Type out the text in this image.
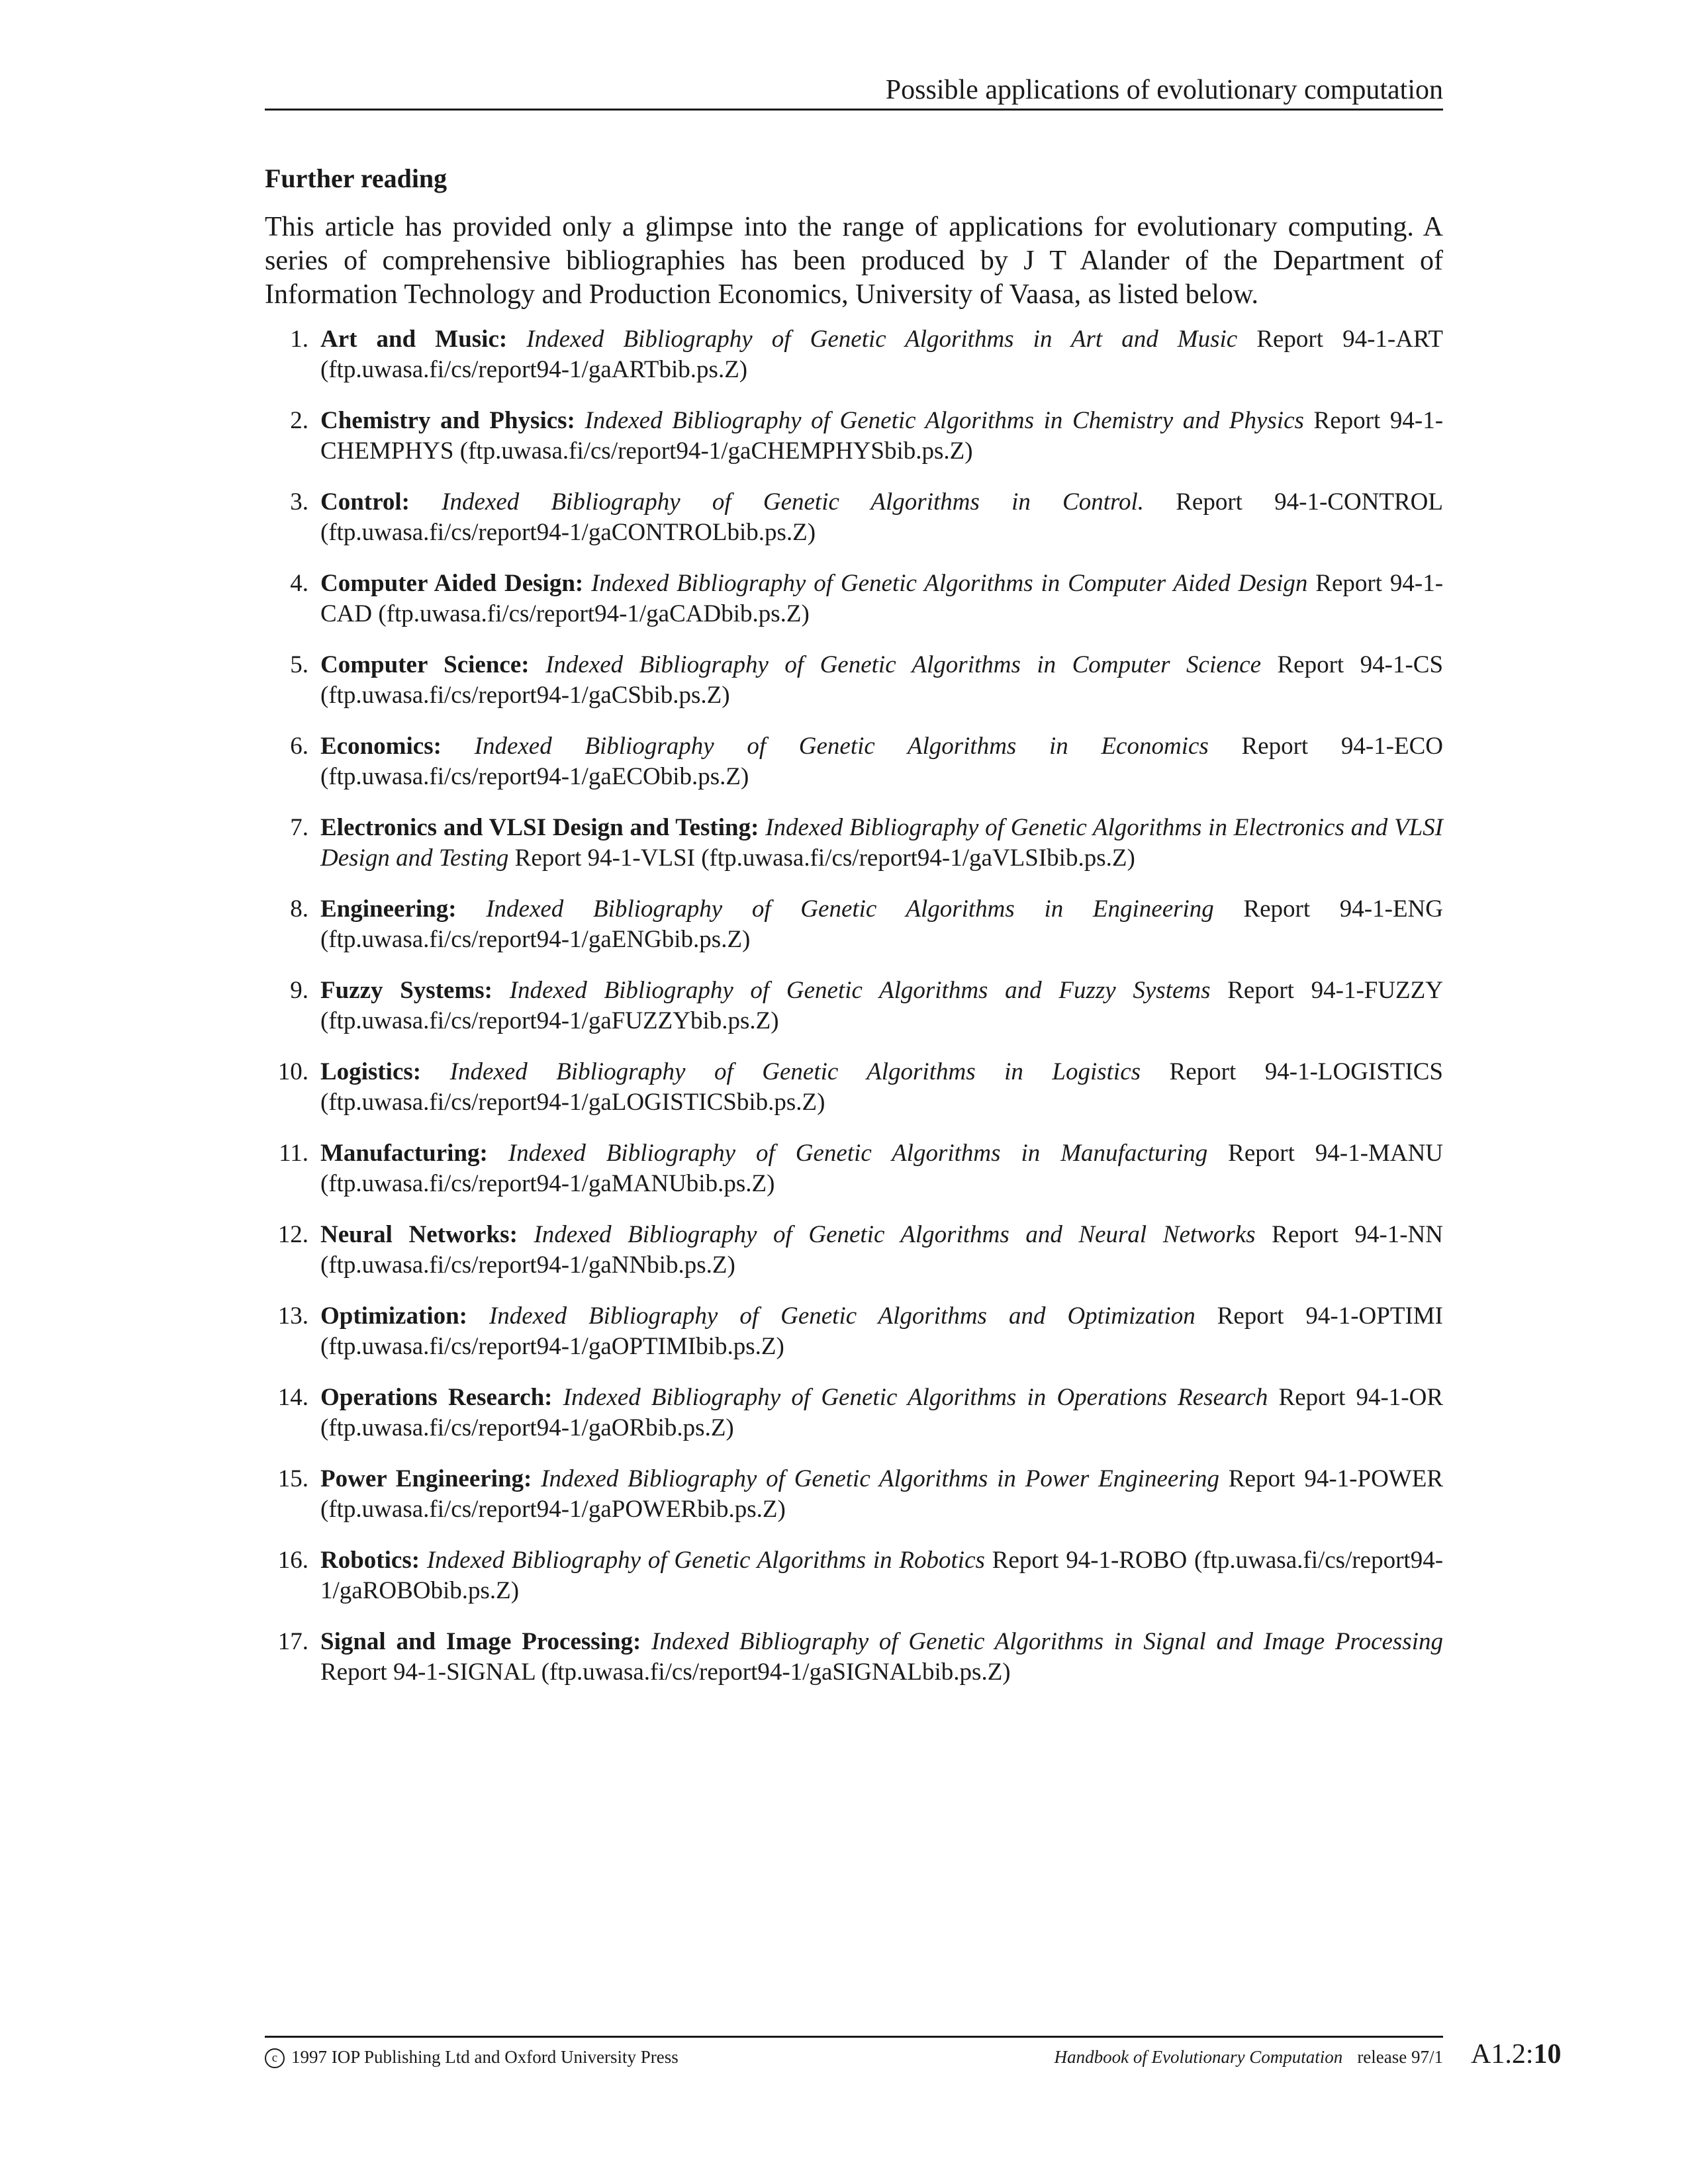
Possible applications of evolutionary computation
Further reading

This article has provided only a glimpse into the range of applications for evolutionary computing. A series of comprehensive bibliographies has been produced by J T Alander of the Department of Information Technology and Production Economics, University of Vaasa, as listed below.

1. Art and Music: Indexed Bibliography of Genetic Algorithms in Art and Music Report 94-1-ART (ftp.uwasa.fi/cs/report94-1/gaARTbib.ps.Z)
2. Chemistry and Physics: Indexed Bibliography of Genetic Algorithms in Chemistry and Physics Report 94-1-CHEMPHYS (ftp.uwasa.fi/cs/report94-1/gaCHEMPHYSbib.ps.Z)
3. Control: Indexed Bibliography of Genetic Algorithms in Control. Report 94-1-CONTROL (ftp.uwasa.fi/cs/report94-1/gaCONTROLbib.ps.Z)
4. Computer Aided Design: Indexed Bibliography of Genetic Algorithms in Computer Aided Design Report 94-1-CAD (ftp.uwasa.fi/cs/report94-1/gaCADbib.ps.Z)
5. Computer Science: Indexed Bibliography of Genetic Algorithms in Computer Science Report 94-1-CS (ftp.uwasa.fi/cs/report94-1/gaCSbib.ps.Z)
6. Economics: Indexed Bibliography of Genetic Algorithms in Economics Report 94-1-ECO (ftp.uwasa.fi/cs/report94-1/gaECObib.ps.Z)
7. Electronics and VLSI Design and Testing: Indexed Bibliography of Genetic Algorithms in Electronics and VLSI Design and Testing Report 94-1-VLSI (ftp.uwasa.fi/cs/report94-1/gaVLSIbib.ps.Z)
8. Engineering: Indexed Bibliography of Genetic Algorithms in Engineering Report 94-1-ENG (ftp.uwasa.fi/cs/report94-1/gaENGbib.ps.Z)
9. Fuzzy Systems: Indexed Bibliography of Genetic Algorithms and Fuzzy Systems Report 94-1-FUZZY (ftp.uwasa.fi/cs/report94-1/gaFUZZYbib.ps.Z)
10. Logistics: Indexed Bibliography of Genetic Algorithms in Logistics Report 94-1-LOGISTICS (ftp.uwasa.fi/cs/report94-1/gaLOGISTICSbib.ps.Z)
11. Manufacturing: Indexed Bibliography of Genetic Algorithms in Manufacturing Report 94-1-MANU (ftp.uwasa.fi/cs/report94-1/gaMANUbib.ps.Z)
12. Neural Networks: Indexed Bibliography of Genetic Algorithms and Neural Networks Report 94-1-NN (ftp.uwasa.fi/cs/report94-1/gaNNbib.ps.Z)
13. Optimization: Indexed Bibliography of Genetic Algorithms and Optimization Report 94-1-OPTIMI (ftp.uwasa.fi/cs/report94-1/gaOPTIMIbib.ps.Z)
14. Operations Research: Indexed Bibliography of Genetic Algorithms in Operations Research Report 94-1-OR (ftp.uwasa.fi/cs/report94-1/gaORbib.ps.Z)
15. Power Engineering: Indexed Bibliography of Genetic Algorithms in Power Engineering Report 94-1-POWER (ftp.uwasa.fi/cs/report94-1/gaPOWERbib.ps.Z)
16. Robotics: Indexed Bibliography of Genetic Algorithms in Robotics Report 94-1-ROBO (ftp.uwasa.fi/cs/report94-1/gaROBObib.ps.Z)
17. Signal and Image Processing: Indexed Bibliography of Genetic Algorithms in Signal and Image Processing Report 94-1-SIGNAL (ftp.uwasa.fi/cs/report94-1/gaSIGNALbib.ps.Z)
c 1997 IOP Publishing Ltd and Oxford University Press	Handbook of Evolutionary Computation release 97/1 A1.2:10
